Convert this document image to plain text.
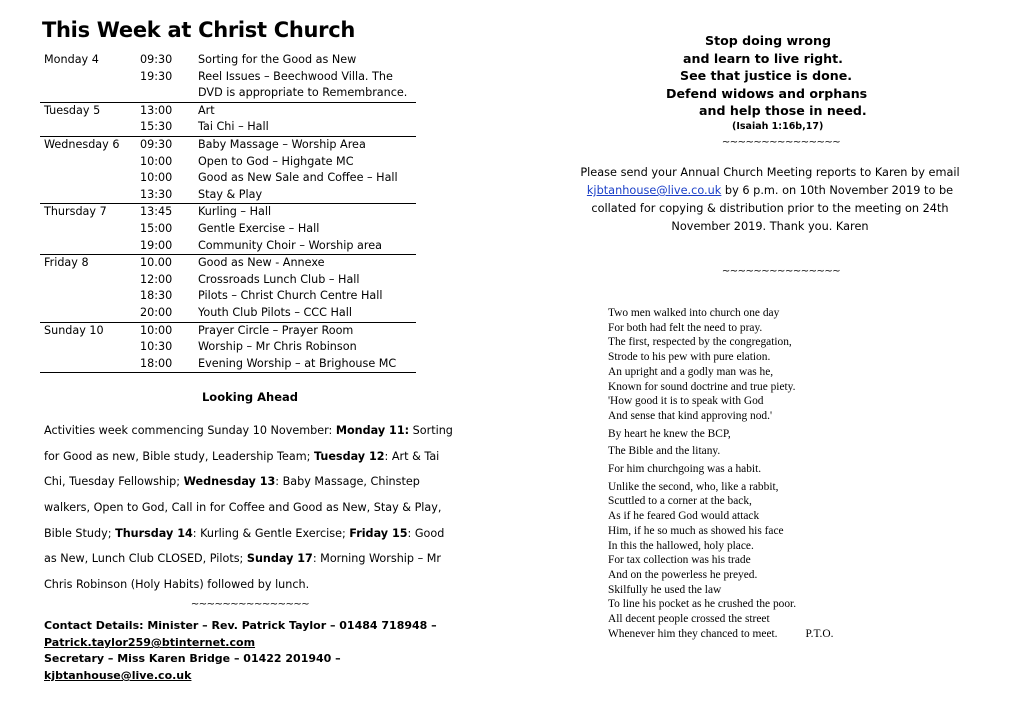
This Week at Christ Church
Monday 4	09:30	Sorting for the Good as New
	19:30	Reel Issues – Beechwood Villa. The
		DVD is appropriate to Remembrance.
Tuesday 5	13:00	Art
	15:30	Tai Chi – Hall
Wednesday 6	09:30	Baby Massage – Worship Area
	10:00	Open to God – Highgate MC
	10:00	Good as New Sale and Coffee – Hall
	13:30	Stay & Play
Thursday 7	13:45	Kurling – Hall
	15:00	Gentle Exercise – Hall
	19:00	Community Choir – Worship area
Friday 8	10.00	Good as New - Annexe
	12:00	Crossroads Lunch Club – Hall
	18:30	Pilots – Christ Church Centre Hall
	20:00	Youth Club Pilots – CCC Hall
Sunday 10	10:00	Prayer Circle – Prayer Room
	10:30	Worship – Mr Chris Robinson
	18:00	Evening Worship – at Brighouse MC
Looking Ahead

Activities week commencing Sunday 10 November: Monday 11: Sorting for Good as new, Bible study, Leadership Team; Tuesday 12: Art & Tai Chi, Tuesday Fellowship; Wednesday 13: Baby Massage, Chinstep walkers, Open to God, Call in for Coffee and Good as New, Stay & Play, Bible Study; Thursday 14: Kurling & Gentle Exercise; Friday 15: Good as New, Lunch Club CLOSED, Pilots; Sunday 17: Morning Worship – Mr Chris Robinson (Holy Habits) followed by lunch.

~~~~~~~~~~~~~~~
Contact Details: Minister – Rev. Patrick Taylor – 01484 718948 –
Patrick.taylor259@btinternet.com
Secretary – Miss Karen Bridge – 01422 201940 – kjbtanhouse@live.co.uk
Stop doing wrong
and learn to live right.
See that justice is done.
Defend widows and orphans
and help those in need.
(Isaiah 1:16b,17)
~~~~~~~~~~~~~~~
Please send your Annual Church Meeting reports to Karen by email
kjbtanhouse@live.co.uk by 6 p.m. on 10th November 2019 to be
collated for copying & distribution prior to the meeting on 24th
November 2019. Thank you. Karen
~~~~~~~~~~~~~~~
Two men walked into church one day
For both had felt the need to pray.
The first, respected by the congregation,
Strode to his pew with pure elation.
An upright and a godly man was he,
Known for sound doctrine and true piety.
'How good it is to speak with God
And sense that kind approving nod.'
By heart he knew the BCP,
The Bible and the litany.
For him churchgoing was a habit.
Unlike the second, who, like a rabbit,
Scuttled to a corner at the back,
As if he feared God would attack
Him, if he so much as showed his face
In this the hallowed, holy place.
For tax collection was his trade
And on the powerless he preyed.
Skilfully he used the law
To line his pocket as he crushed the poor.
All decent people crossed the street
Whenever him they chanced to meet. P.T.O.
